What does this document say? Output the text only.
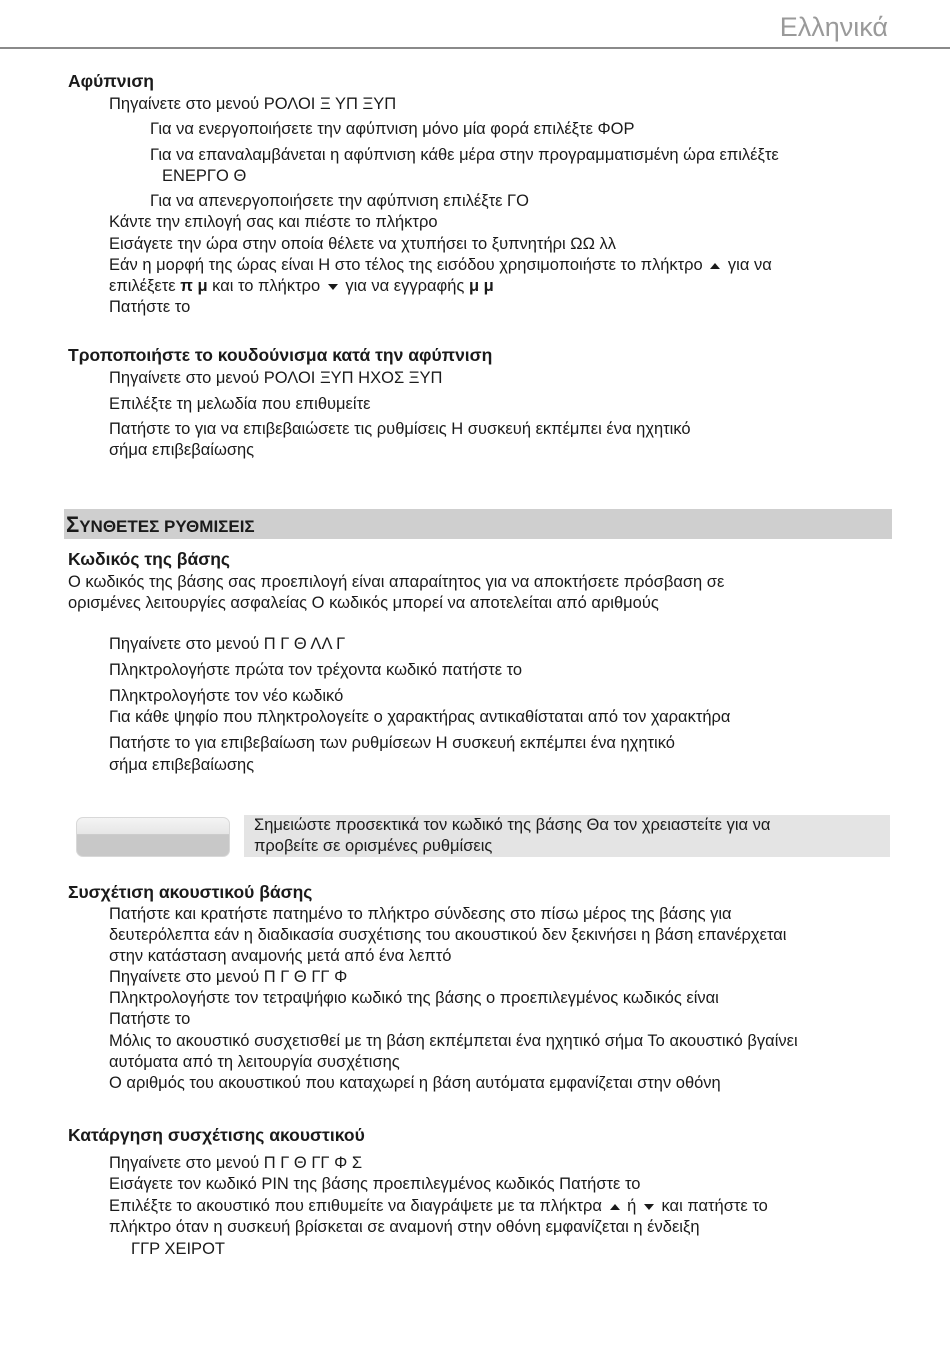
Ελληνικά
Αφύπνιση
Πηγαίνετε στο μενού ΡΟΛΟΙ Ξ ΥΠ ΞΥΠ
Για να ενεργοποιήσετε την αφύπνιση μόνο μία φορά επιλέξτε ΦΟΡ
Για να επαναλαμβάνεται η αφύπνιση κάθε μέρα στην προγραμματισμένη ώρα επιλέξτε
ΕΝΕΡΓΟ Θ
Για να απενεργοποιήσετε την αφύπνιση επιλέξτε ΓΟ
Κάντε την επιλογή σας και πιέστε το πλήκτρο
Εισάγετε την ώρα στην οποία θέλετε να χτυπήσει το ξυπνητήρι ΩΩ λλ
Εάν η μορφή της ώρας είναι Η στο τέλος της εισόδου χρησιμοποιήστε το πλήκτρο για να
επιλέξετε π μ και το πλήκτρο για να εγγραφής μ μ
Πατήστε το
Τροποποιήστε το κουδούνισμα κατά την αφύπνιση
Πηγαίνετε στο μενού ΡΟΛΟΙ ΞΥΠ ΗΧΟΣ ΞΥΠ
Επιλέξτε τη μελωδία που επιθυμείτε
Πατήστε το για να επιβεβαιώσετε τις ρυθμίσεις Η συσκευή εκπέμπει ένα ηχητικό
σήμα επιβεβαίωσης
ΣΥΝΘΕΤΕΣ ΡΥΘΜΙΣΕΙΣ
Κωδικός της βάσης
Ο κωδικός της βάσης σας προεπιλογή είναι απαραίτητος για να αποκτήσετε πρόσβαση σε
ορισμένες λειτουργίες ασφαλείας Ο κωδικός μπορεί να αποτελείται από αριθμούς
Πηγαίνετε στο μενού Π Γ Θ ΛΛ Γ
Πληκτρολογήστε πρώτα τον τρέχοντα κωδικό πατήστε το
Πληκτρολογήστε τον νέο κωδικό
Για κάθε ψηφίο που πληκτρολογείτε ο χαρακτήρας αντικαθίσταται από τον χαρακτήρα
Πατήστε το για επιβεβαίωση των ρυθμίσεων Η συσκευή εκπέμπει ένα ηχητικό
σήμα επιβεβαίωσης
Σημειώστε προσεκτικά τον κωδικό της βάσης Θα τον χρειαστείτε για να
προβείτε σε ορισμένες ρυθμίσεις
Συσχέτιση ακουστικού βάσης
Πατήστε και κρατήστε πατημένο το πλήκτρο σύνδεσης στο πίσω μέρος της βάσης για
δευτερόλεπτα εάν η διαδικασία συσχέτισης του ακουστικού δεν ξεκινήσει η βάση επανέρχεται
στην κατάσταση αναμονής μετά από ένα λεπτό
Πηγαίνετε στο μενού Π Γ Θ ΓΓ Φ
Πληκτρολογήστε τον τετραψήφιο κωδικό της βάσης ο προεπιλεγμένος κωδικός είναι
Πατήστε το
Μόλις το ακουστικό συσχετισθεί με τη βάση εκπέμπεται ένα ηχητικό σήμα Το ακουστικό βγαίνει
αυτόματα από τη λειτουργία συσχέτισης
Ο αριθμός του ακουστικού που καταχωρεί η βάση αυτόματα εμφανίζεται στην οθόνη
Κατάργηση συσχέτισης ακουστικού
Πηγαίνετε στο μενού Π Γ Θ ΓΓ Φ Σ
Εισάγετε τον κωδικό PIN της βάσης προεπιλεγμένος κωδικός Πατήστε το
Επιλέξτε το ακουστικό που επιθυμείτε να διαγράψετε με τα πλήκτρα ή και πατήστε το
πλήκτρο όταν η συσκευή βρίσκεται σε αναμονή στην οθόνη εμφανίζεται η ένδειξη
ΓΓΡ ΧΕΙΡΟΤ
